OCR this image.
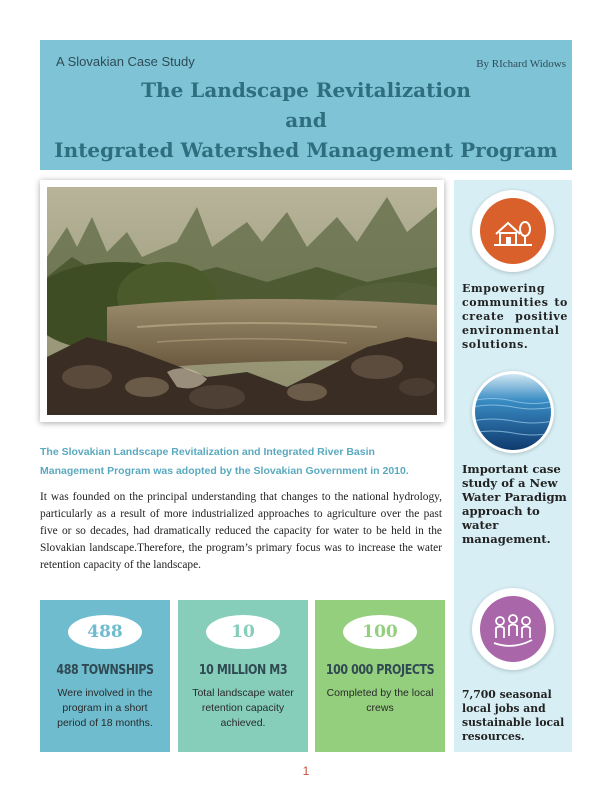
A Slovakian Case Study	By RIchard Widows
The Landscape Revitalization
and
Integrated Watershed Management Program
The Slovakian Landscape Revitalization and Integrated River Basin Management Program was adopted by the Slovakian Government in 2010.
It was founded on the principal understanding that changes to the national hydrology, particularly as a result of more industrialized approaches to agriculture over the past five or so decades, had dramatically reduced the capacity for water to be held in the Slovakian landscape.Therefore, the program’s primary focus was to increase the water retention capacity of the landscape.
488
488 TOWNSHIPS
Were involved in the program in a short period of 18 months.
10
10 MILLION M3
Total landscape water retention capacity achieved.
100
100 000 PROJECTS
Completed by the local crews
Empowering communities to create positive environmental solutions.
Important case study of a New Water Paradigm approach to water management.
7,700 seasonal local jobs and sustainable local resources.
1
